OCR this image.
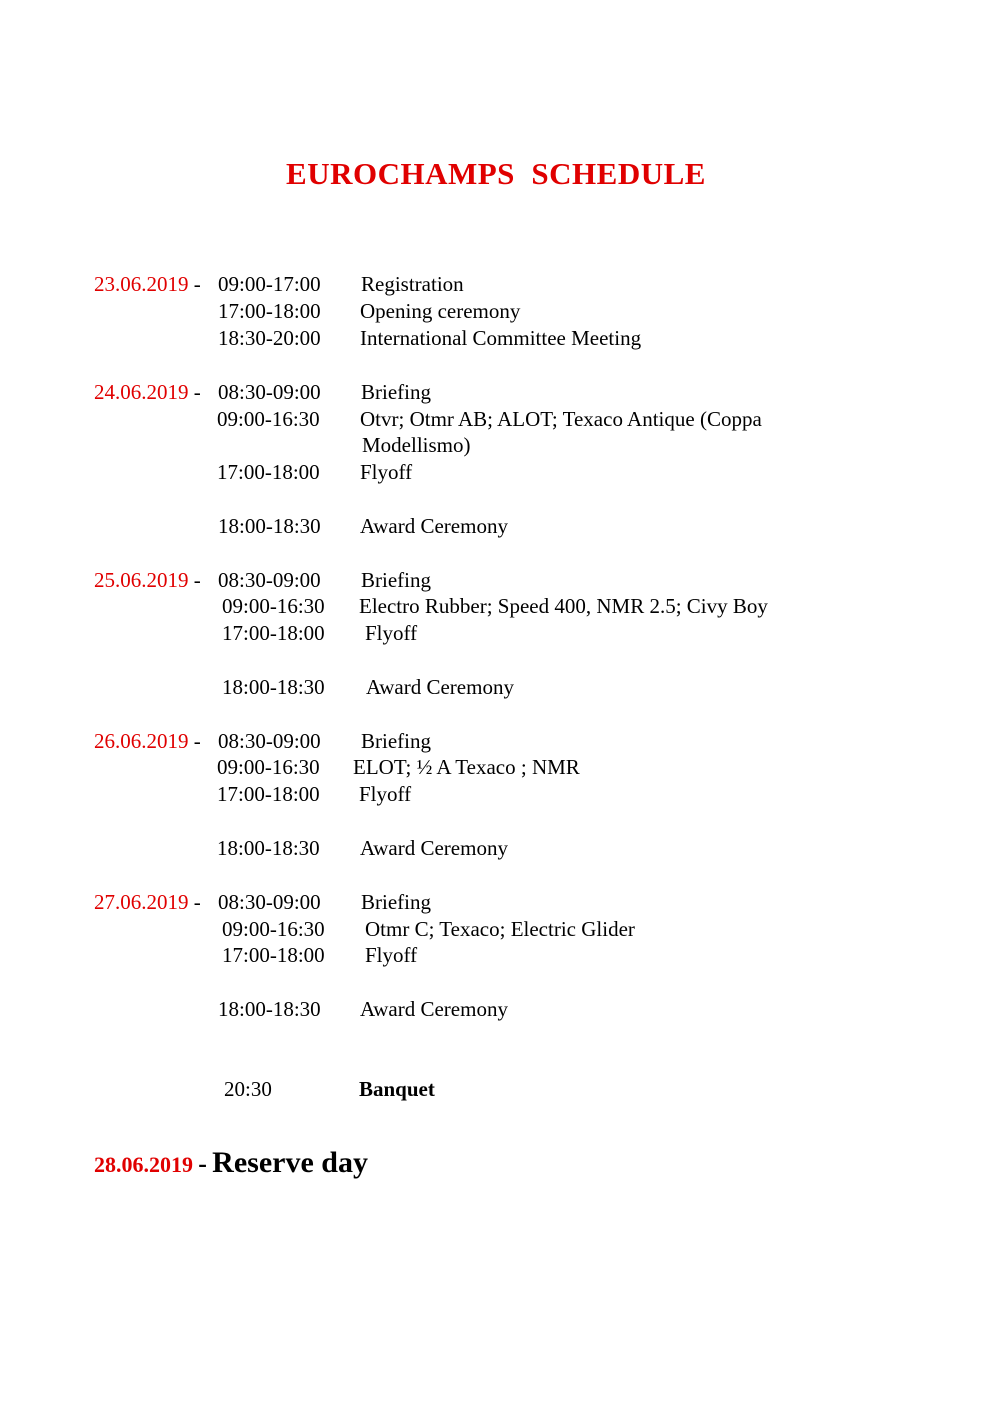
EUROCHAMPS  SCHEDULE
23.06.2019 - 09:00-17:00 Registration
17:00-18:00 Opening ceremony
18:30-20:00 International Committee Meeting
24.06.2019 - 08:30-09:00 Briefing
09:00-16:30 Otvr; Otmr AB; ALOT; Texaco Antique (Coppa
Modellismo)
17:00-18:00 Flyoff
18:00-18:30 Award Ceremony
25.06.2019 - 08:30-09:00 Briefing
09:00-16:30 Electro Rubber; Speed 400, NMR 2.5; Civy Boy
17:00-18:00 Flyoff
18:00-18:30 Award Ceremony
26.06.2019 - 08:30-09:00 Briefing
09:00-16:30 ELOT; ½ A Texaco ; NMR
17:00-18:00 Flyoff
18:00-18:30 Award Ceremony
27.06.2019 - 08:30-09:00 Briefing
09:00-16:30 Otmr C; Texaco; Electric Glider
17:00-18:00 Flyoff
18:00-18:30 Award Ceremony
20:30	Banquet
28.06.2019 - Reserve day
